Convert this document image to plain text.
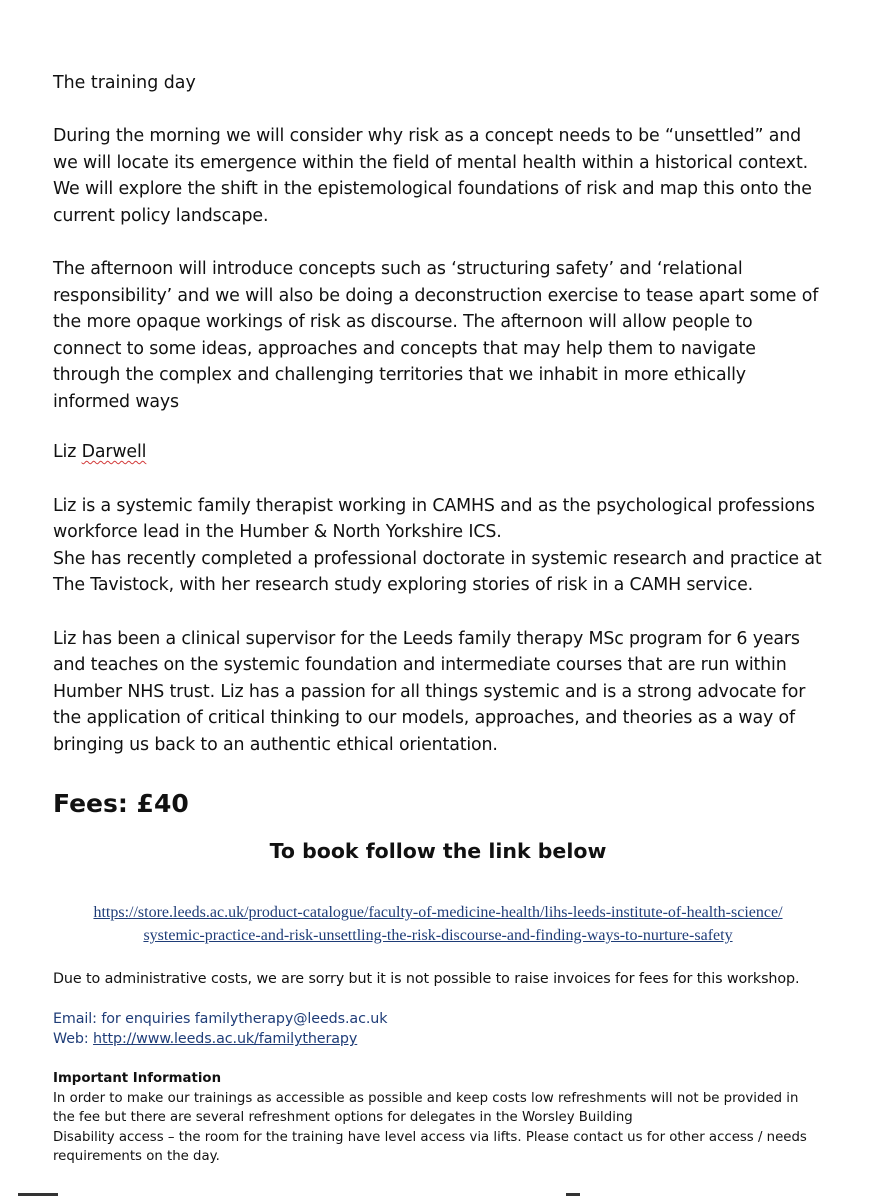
The training day

During the morning we will consider why risk as a concept needs to be “unsettled” and we will locate its emergence within the field of mental health within a historical context. We will explore the shift in the epistemological foundations of risk and map this onto the current policy landscape.

The afternoon will introduce concepts such as ‘structuring safety’ and ‘relational responsibility’ and we will also be doing a deconstruction exercise to tease apart some of the more opaque workings of risk as discourse. The afternoon will allow people to connect to some ideas, approaches and concepts that may help them to navigate through the complex and challenging territories that we inhabit in more ethically informed ways

Liz Darwell

Liz is a systemic family therapist working in CAMHS and as the psychological professions workforce lead in the Humber & North Yorkshire ICS.
She has recently completed a professional doctorate in systemic research and practice at The Tavistock, with her research study exploring stories of risk in a CAMH service.

Liz has been a clinical supervisor for the Leeds family therapy MSc program for 6 years and teaches on the systemic foundation and intermediate courses that are run within Humber NHS trust. Liz has a passion for all things systemic and is a strong advocate for the application of critical thinking to our models, approaches, and theories as a way of bringing us back to an authentic ethical orientation.

Fees: £40

To book follow the link below

https://store.leeds.ac.uk/product-catalogue/faculty-of-medicine-health/lihs-leeds-institute-of-health-science/
systemic-practice-and-risk-unsettling-the-risk-discourse-and-finding-ways-to-nurture-safety

Due to administrative costs, we are sorry but it is not possible to raise invoices for fees for this workshop.

Email: for enquiries familytherapy@leeds.ac.uk

Web: http://www.leeds.ac.uk/familytherapy

Important Information

In order to make our trainings as accessible as possible and keep costs low refreshments will not be provided in the fee but there are several refreshment options for delegates in the Worsley Building

Disability access – the room for the training have level access via lifts. Please contact us for other access / needs requirements on the day.
